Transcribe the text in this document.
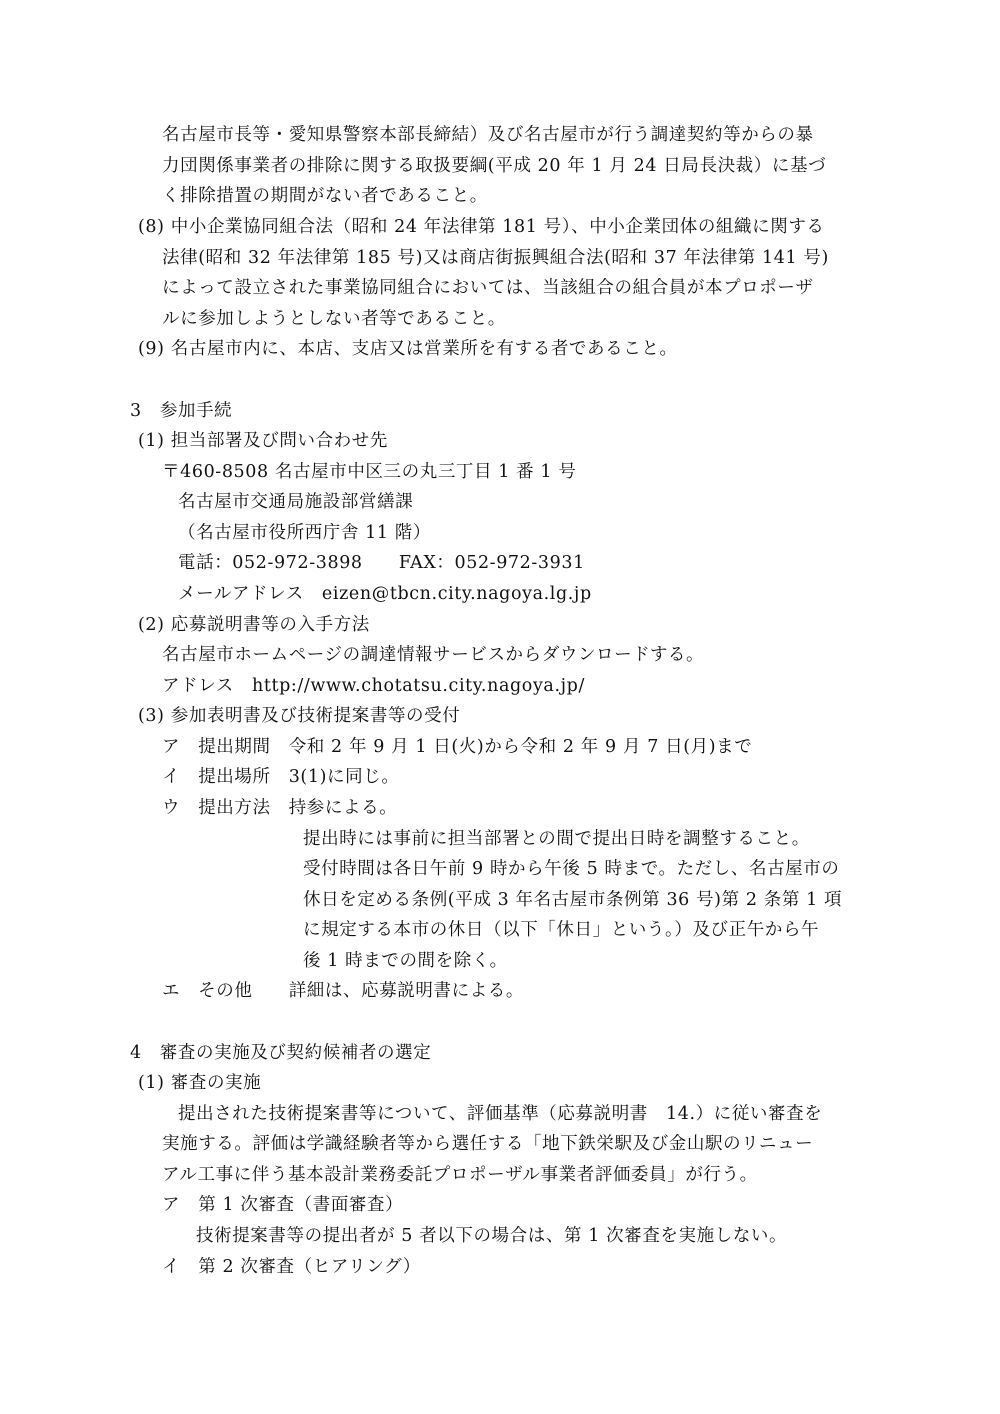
名古屋市長等・愛知県警察本部長締結）及び名古屋市が行う調達契約等からの暴
力団関係事業者の排除に関する取扱要綱(平成 20 年 1 月 24 日局長決裁）に基づ
く排除措置の期間がない者であること。
(8) 中小企業協同組合法（昭和 24 年法律第 181 号）、中小企業団体の組織に関する
法律(昭和 32 年法律第 185 号)又は商店街振興組合法(昭和 37 年法律第 141 号)
によって設立された事業協同組合においては、当該組合の組合員が本プロポーザ
ルに参加しようとしない者等であること。
(9) 名古屋市内に、本店、支店又は営業所を有する者であること。
3　参加手続
(1) 担当部署及び問い合わせ先
〒460-8508 名古屋市中区三の丸三丁目 1 番 1 号
名古屋市交通局施設部営繕課
（名古屋市役所西庁舎 11 階）
電話：052-972-3898　　FAX：052-972-3931
メールアドレス　eizen@tbcn.city.nagoya.lg.jp
(2) 応募説明書等の入手方法
名古屋市ホームページの調達情報サービスからダウンロードする。
アドレス　http://www.chotatsu.city.nagoya.jp/
(3) 参加表明書及び技術提案書等の受付
ア　提出期間　令和 2 年 9 月 1 日(火)から令和 2 年 9 月 7 日(月)まで
イ　提出場所　3(1)に同じ。
ウ　提出方法　持参による。
提出時には事前に担当部署との間で提出日時を調整すること。
受付時間は各日午前 9 時から午後 5 時まで。ただし、名古屋市の
休日を定める条例(平成 3 年名古屋市条例第 36 号)第 2 条第 1 項
に規定する本市の休日（以下「休日」という。）及び正午から午
後 1 時までの間を除く。
エ　その他　　詳細は、応募説明書による。
4　審査の実施及び契約候補者の選定
(1) 審査の実施
提出された技術提案書等について、評価基準（応募説明書　14.）に従い審査を
実施する。評価は学識経験者等から選任する「地下鉄栄駅及び金山駅のリニュー
アル工事に伴う基本設計業務委託プロポーザル事業者評価委員」が行う。
ア　第 1 次審査（書面審査）
技術提案書等の提出者が 5 者以下の場合は、第 1 次審査を実施しない。
イ　第 2 次審査（ヒアリング）
